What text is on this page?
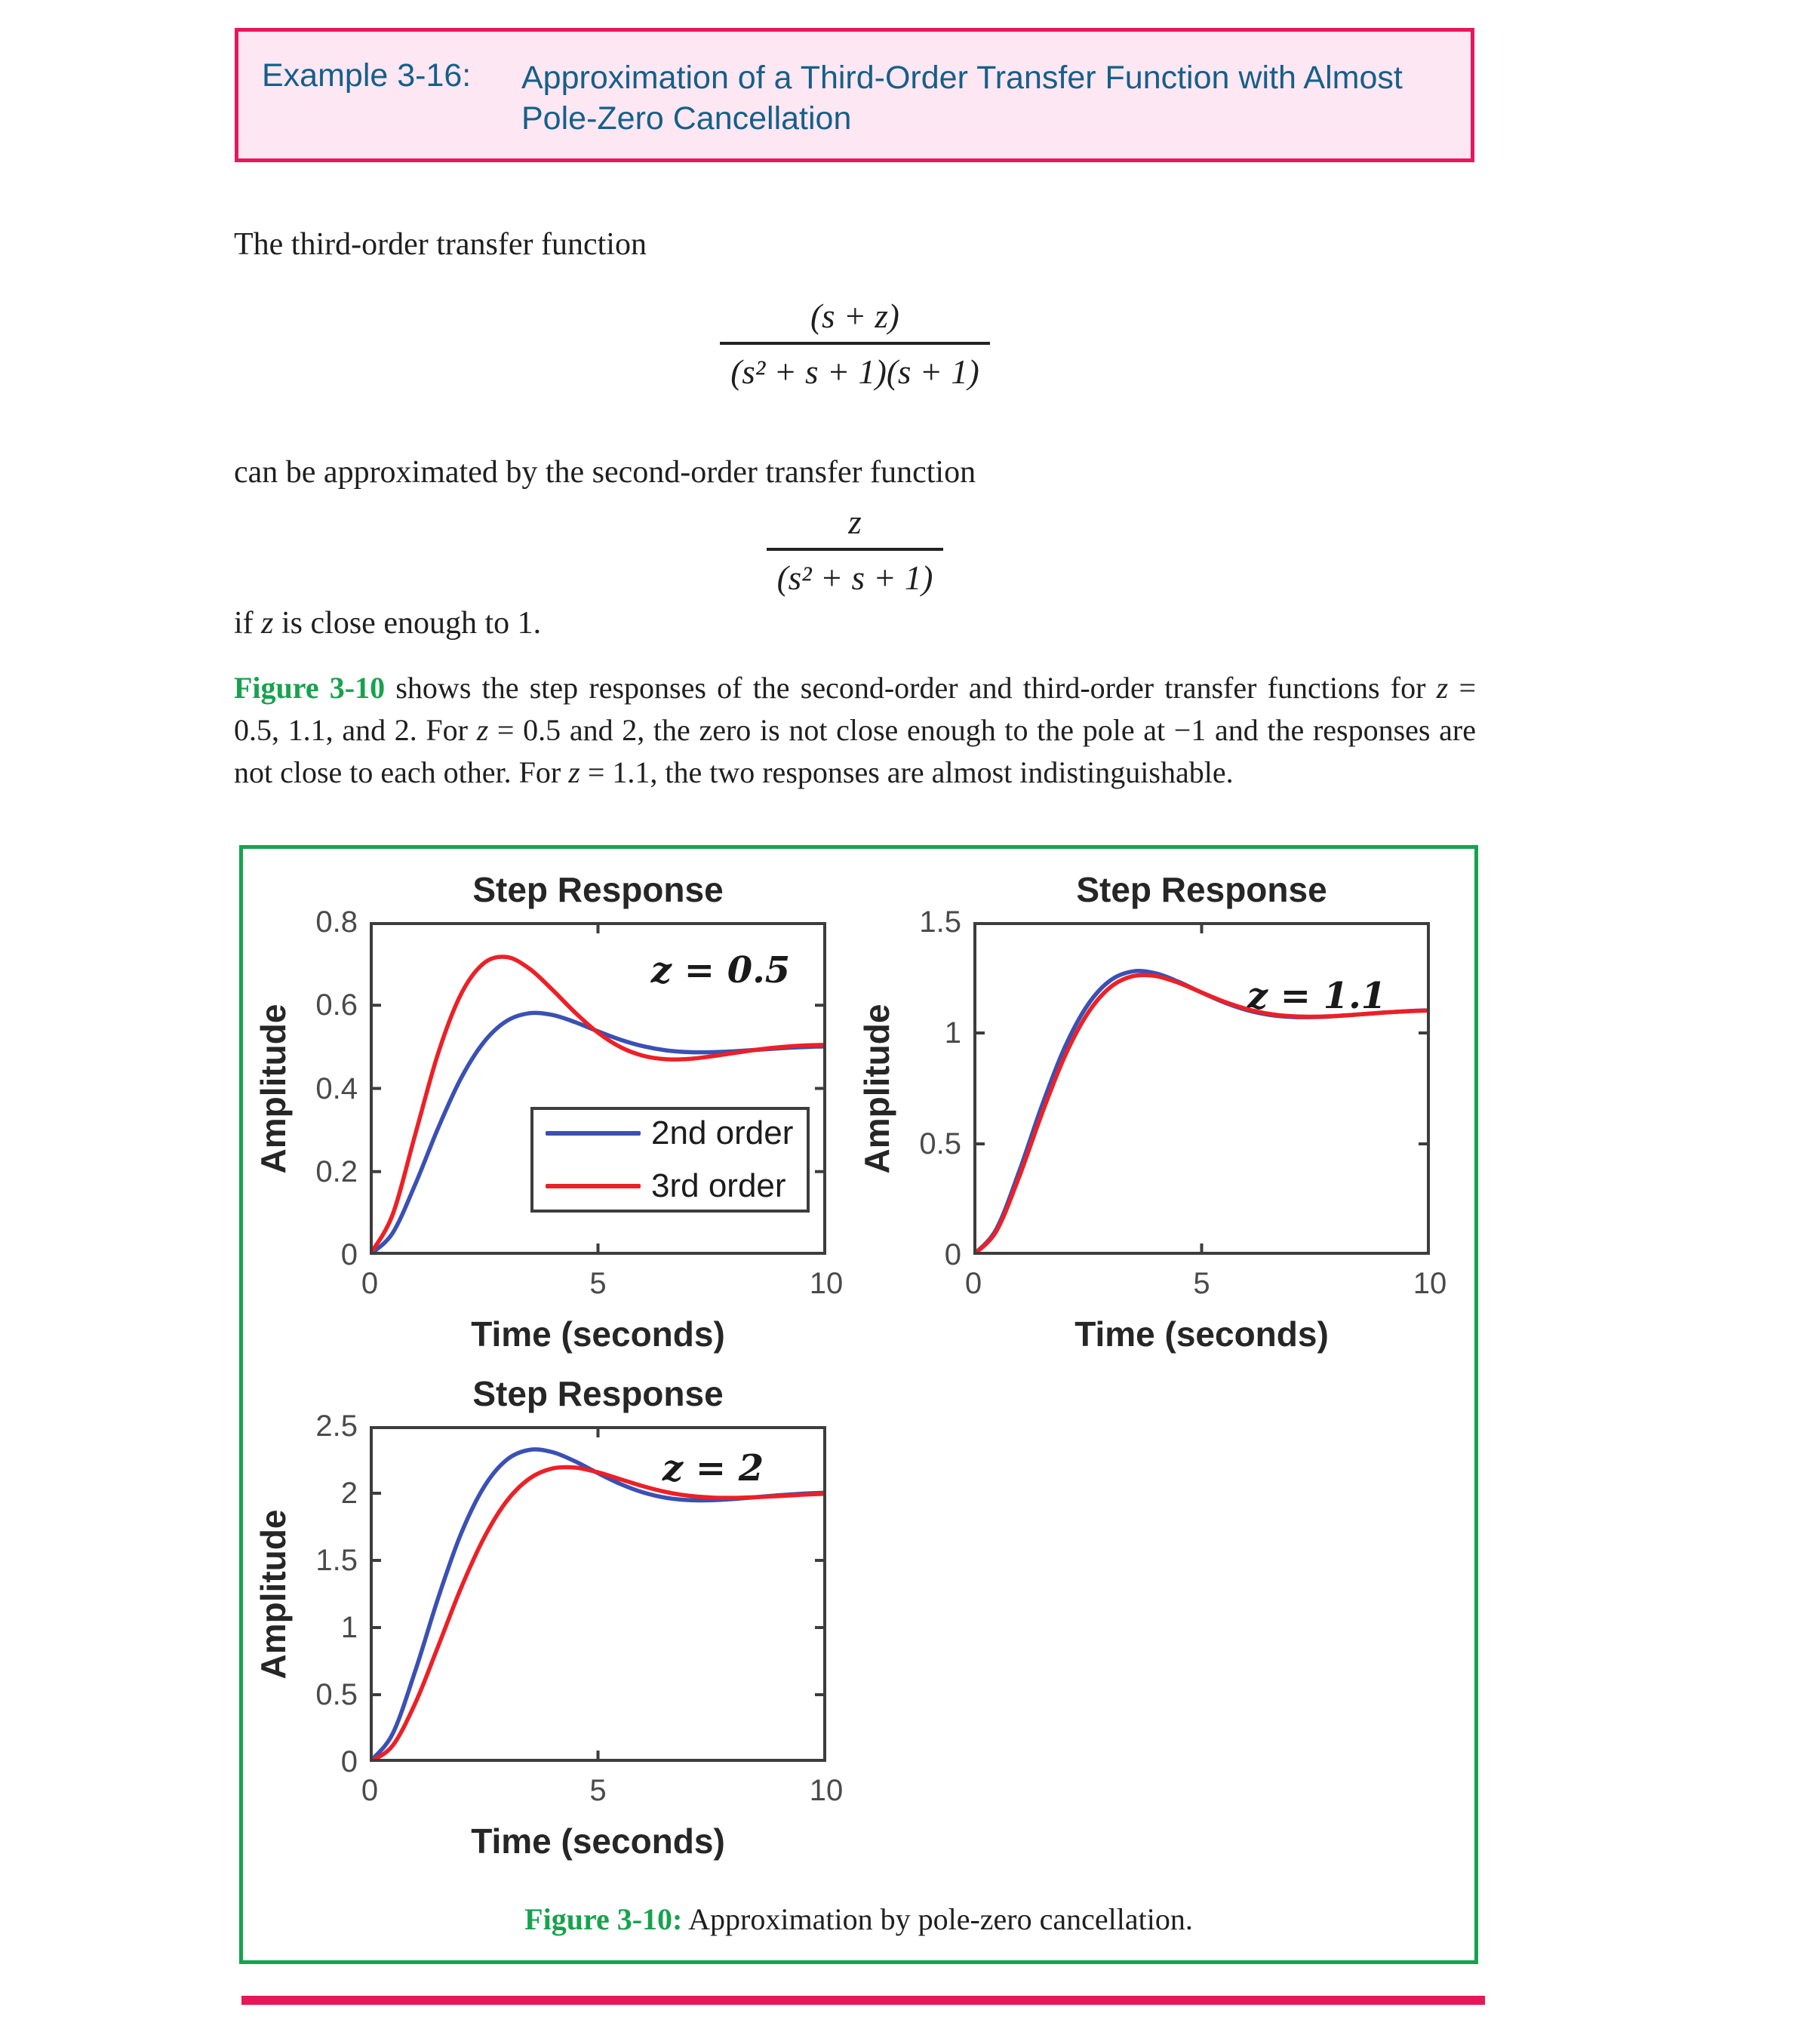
Example 3-16: Approximation of a Third-Order Transfer Function with Almost
Pole-Zero Cancellation
The third-order transfer function
$\frac{(s + z)}{\text{(s² + s + 1)(s + 1)}}$
can be approximated by the second-order transfer function
$\frac{z}{\text{(s² + s + 1)}}$
if z is close enough to 1.
Figure 3-10 shows the step responses of the second-order and third-order transfer functions for z = 0.5, 1.1, and 2. For z = 0.5 and 2, the zero is not close enough to the pole at −1 and the responses are not close to each other. For z = 1.1, the two responses are almost indistinguishable.
Step Response
Amplitude
z = 0.5
Time (seconds)
2nd order
3rd order
0	5	10
0
0.2
0.4
0.6
0.8
Step Response
Amplitude
z = 1.1
Time (seconds)
0	5	10
0
0.5
1
1.5
Step Response
Amplitude
z = 2
Time (seconds)
0	5	10
0
0.5
1
1.5
2
2.5
Figure 3-10: Approximation by pole-zero cancellation.
